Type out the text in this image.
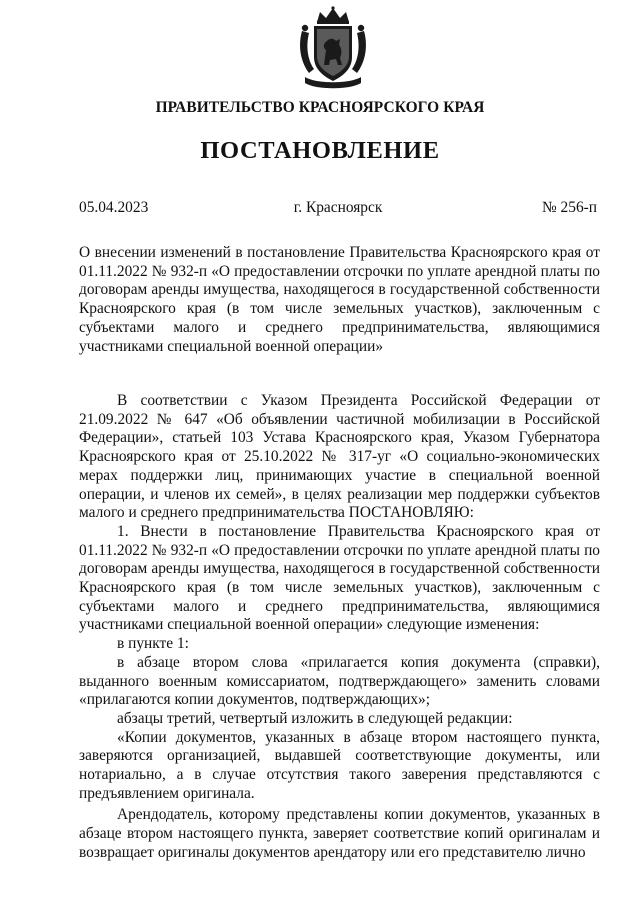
ПРАВИТЕЛЬСТВО КРАСНОЯРСКОГО КРАЯ
ПОСТАНОВЛЕНИЕ
05.04.2023	г. Красноярск	№ 256-п
О внесении изменений в постановление Правительства Красноярского края от 01.11.2022 № 932-п «О предоставлении отсрочки по уплате арендной платы по договорам аренды имущества, находящегося в государственной собственности Красноярского края (в том числе земельных участков), заключенным с субъектами малого и среднего предпринимательства, являющимися участниками специальной военной операции»

В соответствии с Указом Президента Российской Федерации от 21.09.2022 № 647 «Об объявлении частичной мобилизации в Российской Федерации», статьей 103 Устава Красноярского края, Указом Губернатора Красноярского края от 25.10.2022 № 317-уг «О социально-экономических мерах поддержки лиц, принимающих участие в специальной военной операции, и членов их семей», в целях реализации мер поддержки субъектов малого и среднего предпринимательства ПОСТАНОВЛЯЮ:

1. Внести в постановление Правительства Красноярского края от 01.11.2022 № 932-п «О предоставлении отсрочки по уплате арендной платы по договорам аренды имущества, находящегося в государственной собственности Красноярского края (в том числе земельных участков), заключенным с субъектами малого и среднего предпринимательства, являющимися участниками специальной военной операции» следующие изменения:

в пункте 1:

в абзаце втором слова «прилагается копия документа (справки), выданного военным комиссариатом, подтверждающего» заменить словами «прилагаются копии документов, подтверждающих»;

абзацы третий, четвертый изложить в следующей редакции:

«Копии документов, указанных в абзаце втором настоящего пункта, заверяются организацией, выдавшей соответствующие документы, или нотариально, а в случае отсутствия такого заверения представляются с предъявлением оригинала.

Арендодатель, которому представлены копии документов, указанных в абзаце втором настоящего пункта, заверяет соответствие копий оригиналам и возвращает оригиналы документов арендатору или его представителю лично
